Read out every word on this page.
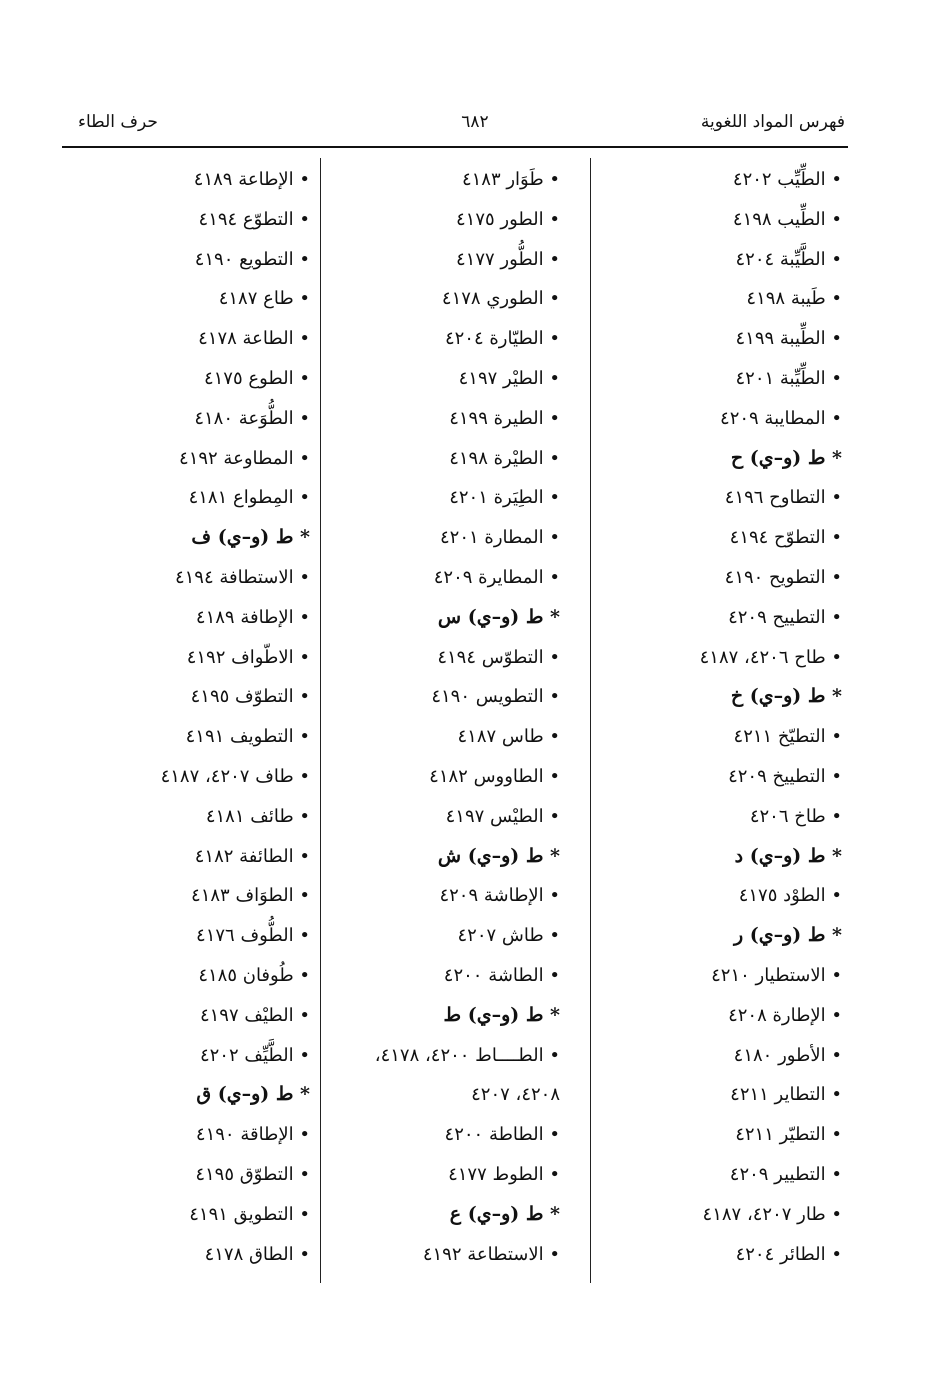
فهرس المواد اللغوية
٦٨٢
حرف الطاء
• الطِّيِّب ٤٢٠٢
• الطِّيب ٤١٩٨
• الطَّيِّبة ٤٢٠٤
• طَيبة ٤١٩٨
• الطِّيبة ٤١٩٩
• الطِّيِّبة ٤٢٠١
• المطايبة ٤٢٠٩
* ط (و–ي) ح
• التطاوح ٤١٩٦
• التطوّح ٤١٩٤
• التطويح ٤١٩٠
• التطييح ٤٢٠٩
• طاح ٤٢٠٦، ٤١٨٧
* ط (و–ي) خ
• التطيّخ ٤٢١١
• التطييخ ٤٢٠٩
• طاخ ٤٢٠٦
* ط (و–ي) د
• الطوْد ٤١٧٥
* ط (و–ي) ر
• الاستطيار ٤٢١٠
• الإطارة ٤٢٠٨
• الأطور ٤١٨٠
• التطاير ٤٢١١
• التطيّر ٤٢١١
• التطيير ٤٢٠٩
• طار ٤٢٠٧، ٤١٨٧
• الطائر ٤٢٠٤
• طَوَار ٤١٨٣
• الطور ٤١٧٥
• الطُّور ٤١٧٧
• الطوري ٤١٧٨
• الطيّارة ٤٢٠٤
• الطيْر ٤١٩٧
• الطيرة ٤١٩٩
• الطيْرة ٤١٩٨
• الطِيَرة ٤٢٠١
• المطارة ٤٢٠١
• المطايرة ٤٢٠٩
* ط (و–ي) س
• التطوّس ٤١٩٤
• التطويس ٤١٩٠
• طاس ٤١٨٧
• الطاووس ٤١٨٢
• الطيْس ٤١٩٧
* ط (و–ي) ش
• الإطاشة ٤٢٠٩
• طاش ٤٢٠٧
• الطاشة ٤٢٠٠
* ط (و–ي) ط
• الطــــاط ٤٢٠٠، ٤١٧٨،
٤٢٠٨، ٤٢٠٧
• الطاطة ٤٢٠٠
• الطوط ٤١٧٧
* ط (و–ي) ع
• الاستطاعة ٤١٩٢
• الإطاعة ٤١٨٩
• التطوّع ٤١٩٤
• التطويع ٤١٩٠
• طاع ٤١٨٧
• الطاعة ٤١٧٨
• الطوع ٤١٧٥
• الطُّوَعة ٤١٨٠
• المطاوعة ٤١٩٢
• المِطواع ٤١٨١
* ط (و–ي) ف
• الاستطافة ٤١٩٤
• الإطافة ٤١٨٩
• الاطّواف ٤١٩٢
• التطوّف ٤١٩٥
• التطويف ٤١٩١
• طاف ٤٢٠٧، ٤١٨٧
• طائف ٤١٨١
• الطائفة ٤١٨٢
• الطوَاف ٤١٨٣
• الطُّوف ٤١٧٦
• طُوفان ٤١٨٥
• الطيْف ٤١٩٧
• الطَّيِّف ٤٢٠٢
* ط (و–ي) ق
• الإطاقة ٤١٩٠
• التطوّق ٤١٩٥
• التطويق ٤١٩١
• الطاق ٤١٧٨
